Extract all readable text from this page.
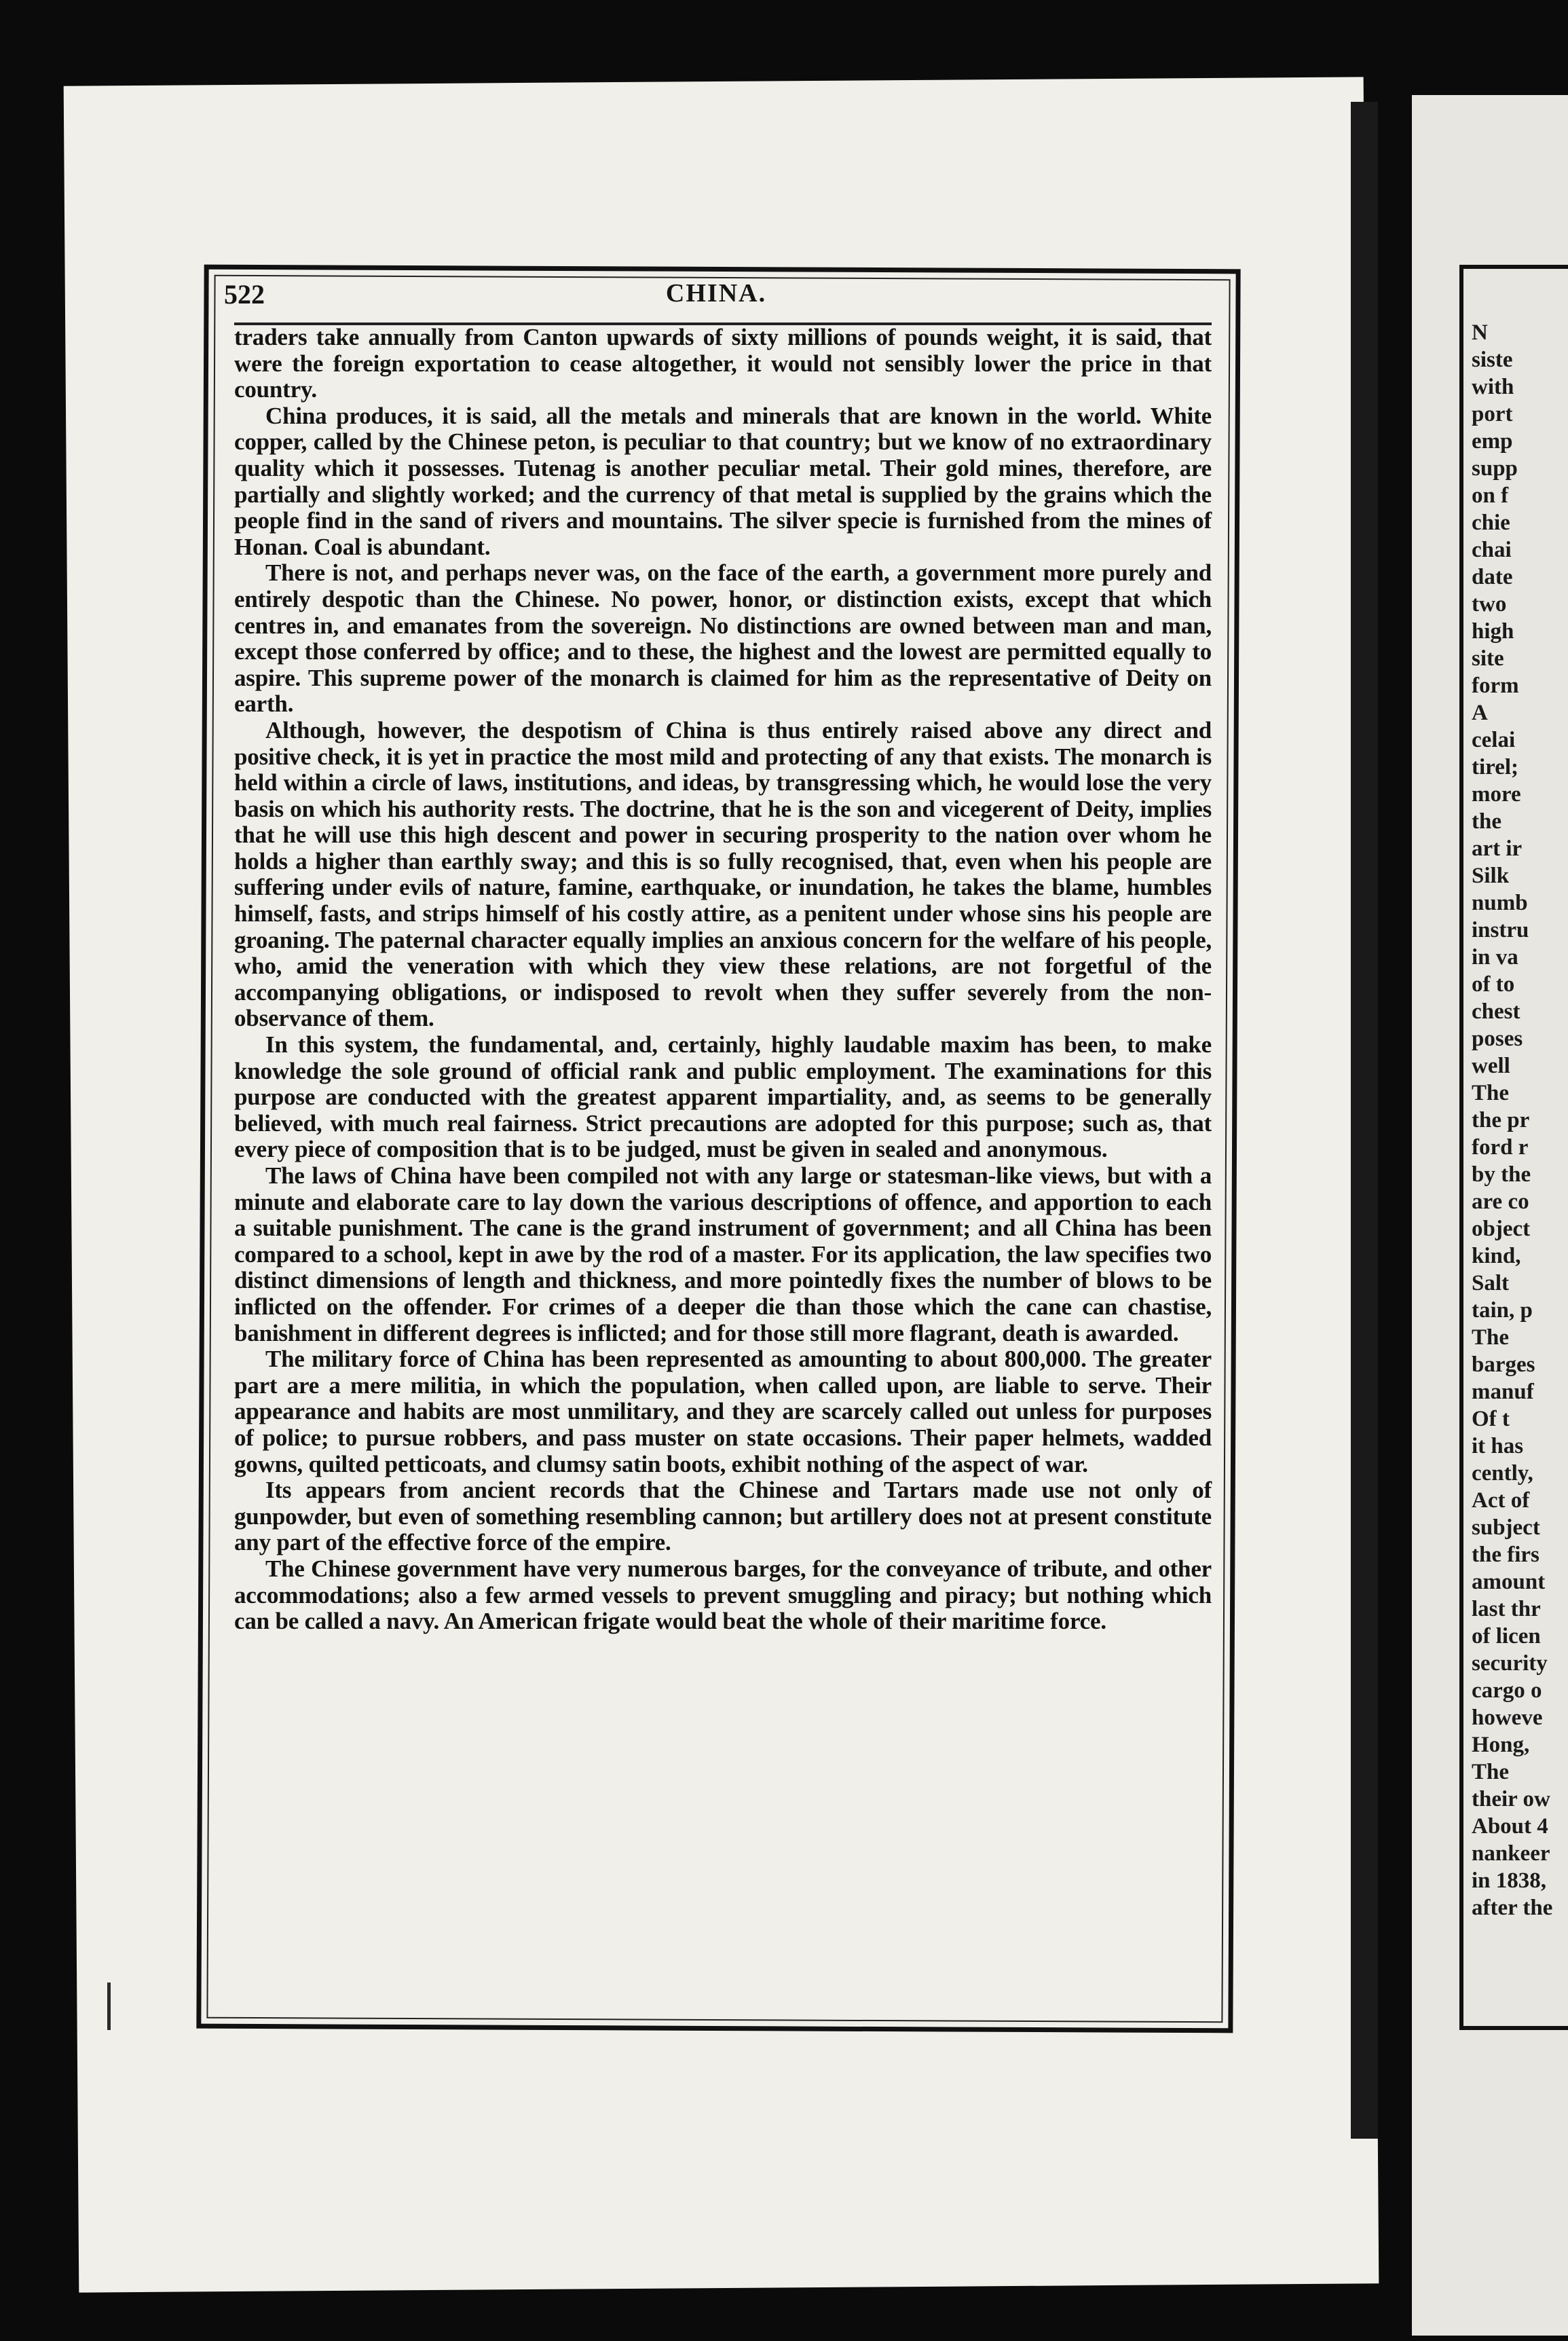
N
siste
with
port
emp
supp
on f
chie
chai
date
two
high
site
form
A
celai
tirel;
more
the
art ir
Silk
numb
instru
in va
of to
chest
poses
well
The
the pr
ford r
by the
are co
object
kind,
Salt
tain, p
The
barges
manuf
Of t
it has
cently,
Act of
subject
the firs
amount
last thr
of licen
security
cargo o
howeve
Hong,
The
their ow
About 4
nankeer
in 1838,
after the
522	CHINA.

traders take annually from Canton upwards of sixty millions of pounds weight, it is said, that were the foreign exportation to cease altogether, it would not sensibly lower the price in that country.

China produces, it is said, all the metals and minerals that are known in the world. White copper, called by the Chinese peton, is peculiar to that country; but we know of no extraordinary quality which it possesses. Tutenag is another peculiar metal. Their gold mines, therefore, are partially and slightly worked; and the currency of that metal is supplied by the grains which the people find in the sand of rivers and mountains. The silver specie is furnished from the mines of Honan. Coal is abundant.

There is not, and perhaps never was, on the face of the earth, a government more purely and entirely despotic than the Chinese. No power, honor, or distinction exists, except that which centres in, and emanates from the sovereign. No distinctions are owned between man and man, except those conferred by office; and to these, the highest and the lowest are permitted equally to aspire. This supreme power of the monarch is claimed for him as the representative of Deity on earth.

Although, however, the despotism of China is thus entirely raised above any direct and positive check, it is yet in practice the most mild and protecting of any that exists. The monarch is held within a circle of laws, institutions, and ideas, by transgressing which, he would lose the very basis on which his authority rests. The doctrine, that he is the son and vicegerent of Deity, implies that he will use this high descent and power in securing prosperity to the nation over whom he holds a higher than earthly sway; and this is so fully recognised, that, even when his people are suffering under evils of nature, famine, earthquake, or inundation, he takes the blame, humbles himself, fasts, and strips himself of his costly attire, as a penitent under whose sins his people are groaning. The paternal character equally implies an anxious concern for the welfare of his people, who, amid the veneration with which they view these relations, are not forgetful of the accompanying obligations, or indisposed to revolt when they suffer severely from the non-observance of them.

In this system, the fundamental, and, certainly, highly laudable maxim has been, to make knowledge the sole ground of official rank and public employment. The examinations for this purpose are conducted with the greatest apparent impartiality, and, as seems to be generally believed, with much real fairness. Strict precautions are adopted for this purpose; such as, that every piece of composition that is to be judged, must be given in sealed and anonymous.

The laws of China have been compiled not with any large or statesman-like views, but with a minute and elaborate care to lay down the various descriptions of offence, and apportion to each a suitable punishment. The cane is the grand instrument of government; and all China has been compared to a school, kept in awe by the rod of a master. For its application, the law specifies two distinct dimensions of length and thickness, and more pointedly fixes the number of blows to be inflicted on the offender. For crimes of a deeper die than those which the cane can chastise, banishment in different degrees is inflicted; and for those still more flagrant, death is awarded.

The military force of China has been represented as amounting to about 800,000. The greater part are a mere militia, in which the population, when called upon, are liable to serve. Their appearance and habits are most unmilitary, and they are scarcely called out unless for purposes of police; to pursue robbers, and pass muster on state occasions. Their paper helmets, wadded gowns, quilted petticoats, and clumsy satin boots, exhibit nothing of the aspect of war.

Its appears from ancient records that the Chinese and Tartars made use not only of gunpowder, but even of something resembling cannon; but artillery does not at present constitute any part of the effective force of the empire.

The Chinese government have very numerous barges, for the conveyance of tribute, and other accommodations; also a few armed vessels to prevent smuggling and piracy; but nothing which can be called a navy. An American frigate would beat the whole of their maritime force.
